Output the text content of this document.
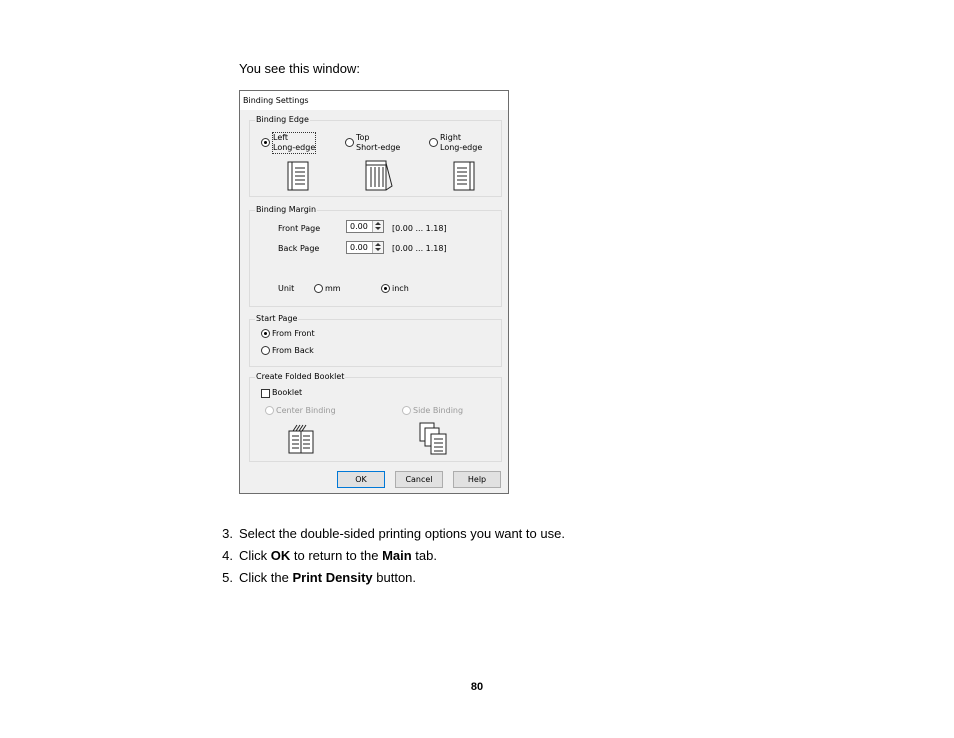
You see this window:
Binding Settings
Binding Edge
Left
Long-edge
Top
Short-edge
Right
Long-edge
Binding Margin
Front Page	0.00	[0.00 ... 1.18]
Back Page	0.00	[0.00 ... 1.18]
Unit	mm	inch
Start Page
From Front
From Back
Create Folded Booklet
Booklet
Center Binding	Side Binding
OK	Cancel	Help
3. Select the double-sided printing options you want to use.
4. Click OK to return to the Main tab.
5. Click the Print Density button.
80
